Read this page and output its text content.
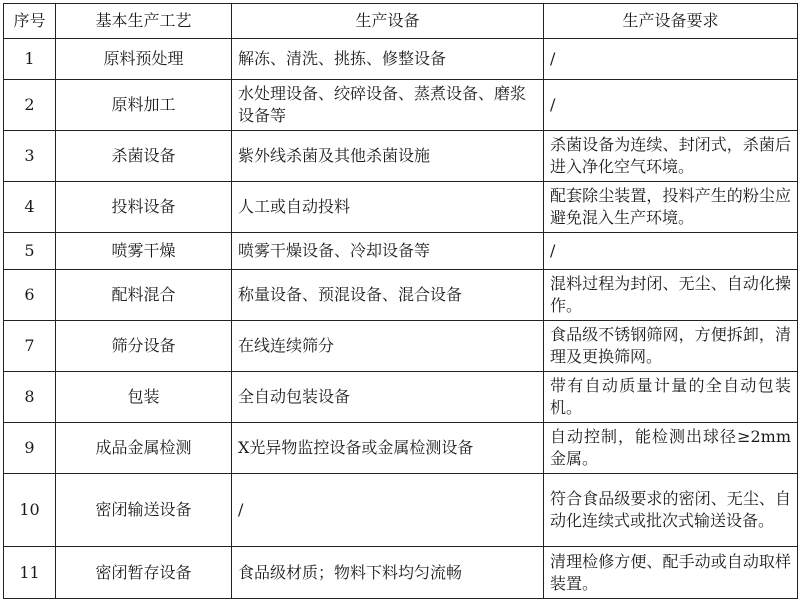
序号	基本生产工艺	生产设备	生产设备要求
1	原料预处理	解冻、清洗、挑拣、修整设备	/
2	原料加工	水处理设备、绞碎设备、蒸煮设备、磨浆设备等	/
3	杀菌设备	紫外线杀菌及其他杀菌设施	杀菌设备为连续、封闭式，杀菌后进入净化空气环境。
4	投料设备	人工或自动投料	配套除尘装置，投料产生的粉尘应避免混入生产环境。
5	喷雾干燥	喷雾干燥设备、冷却设备等	/
6	配料混合	称量设备、预混设备、混合设备	混料过程为封闭、无尘、自动化操作。
7	筛分设备	在线连续筛分	食品级不锈钢筛网，方便拆卸，清理及更换筛网。
8	包装	全自动包装设备	带有自动质量计量的全自动包装机。
9	成品金属检测	X光异物监控设备或金属检测设备	自动控制，能检测出球径≥2mm 金属。
10	密闭输送设备	/	符合食品级要求的密闭、无尘、自动化连续式或批次式输送设备。
11	密闭暂存设备	食品级材质；物料下料均匀流畅	清理检修方便、配手动或自动取样装置。
